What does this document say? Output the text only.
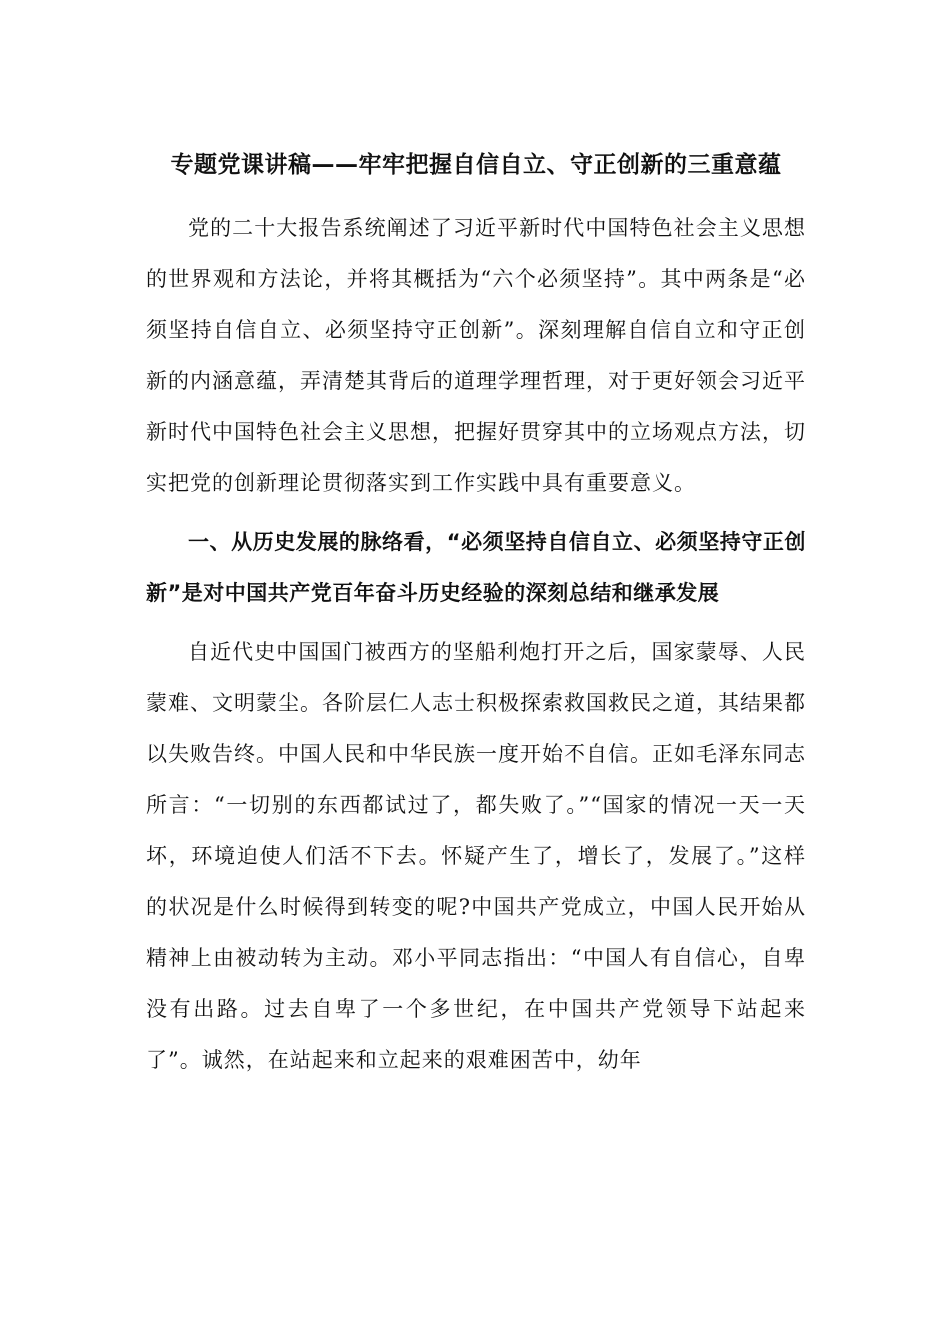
专题党课讲稿——牢牢把握自信自立、守正创新的三重意蕴

党的二十大报告系统阐述了习近平新时代中国特色社会主义思想的世界观和方法论，并将其概括为“六个必须坚持”。其中两条是“必须坚持自信自立、必须坚持守正创新”。深刻理解自信自立和守正创新的内涵意蕴，弄清楚其背后的道理学理哲理，对于更好领会习近平新时代中国特色社会主义思想，把握好贯穿其中的立场观点方法，切实把党的创新理论贯彻落实到工作实践中具有重要意义。

一、从历史发展的脉络看，“必须坚持自信自立、必须坚持守正创新”是对中国共产党百年奋斗历史经验的深刻总结和继承发展

自近代史中国国门被西方的坚船利炮打开之后，国家蒙辱、人民蒙难、文明蒙尘。各阶层仁人志士积极探索救国救民之道，其结果都以失败告终。中国人民和中华民族一度开始不自信。正如毛泽东同志所言：“一切别的东西都试过了，都失败了。”“国家的情况一天一天坏，环境迫使人们活不下去。怀疑产生了，增长了，发展了。”这样的状况是什么时候得到转变的呢?中国共产党成立，中国人民开始从精神上由被动转为主动。邓小平同志指出：“中国人有自信心，自卑没有出路。过去自卑了一个多世纪，在中国共产党领导下站起来了”。诚然，在站起来和立起来的艰难困苦中，幼年
